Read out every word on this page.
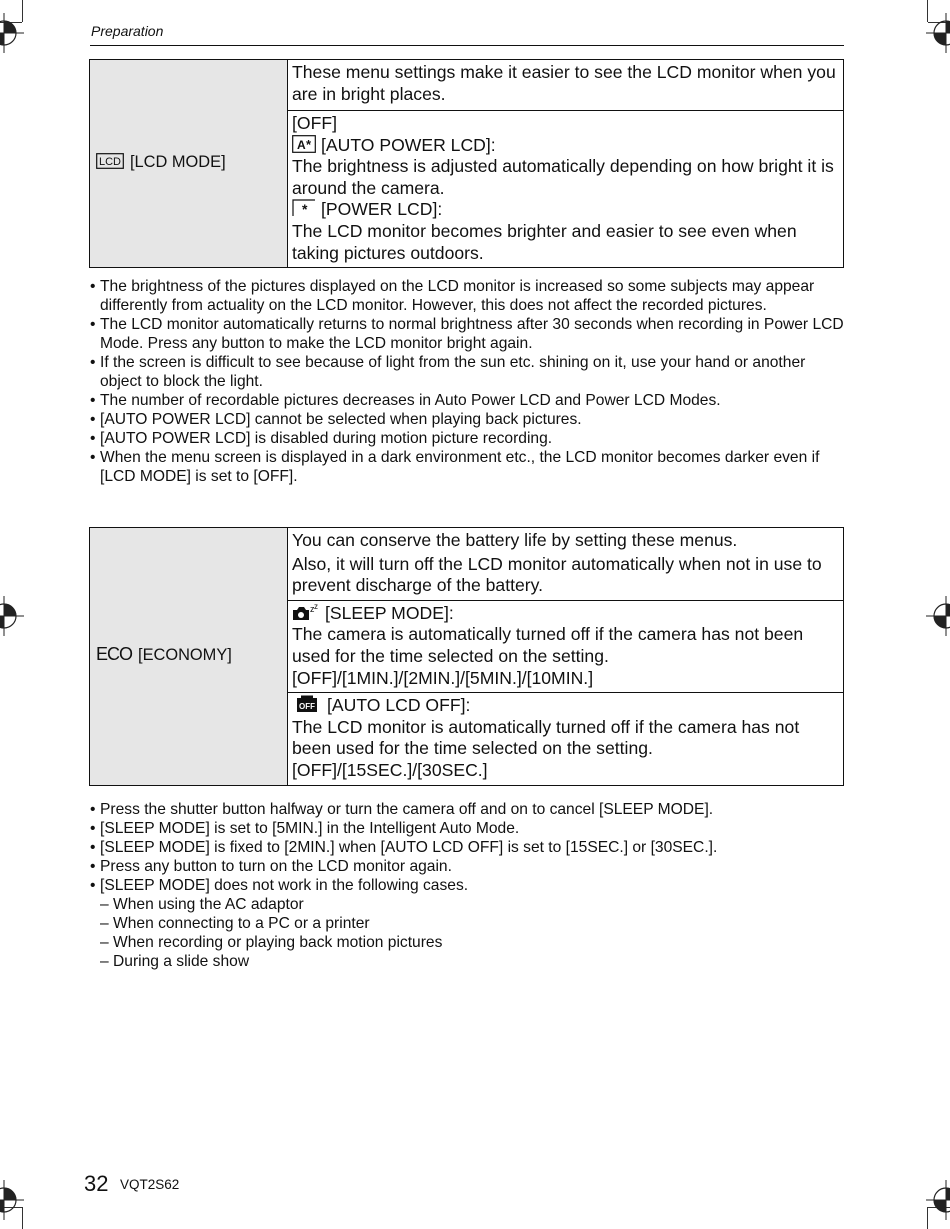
Preparation
LCD [LCD MODE]	These menu settings make it easier to see the LCD monitor when you are in bright places.

[OFF]
A * [AUTO POWER LCD]:
The brightness is adjusted automatically depending on how bright it is around the camera.
* [POWER LCD]:
The LCD monitor becomes brighter and easier to see even when taking pictures outdoors.
• The brightness of the pictures displayed on the LCD monitor is increased so some subjects may appear differently from actuality on the LCD monitor. However, this does not affect the recorded pictures.
• The LCD monitor automatically returns to normal brightness after 30 seconds when recording in Power LCD Mode. Press any button to make the LCD monitor bright again.
• If the screen is difficult to see because of light from the sun etc. shining on it, use your hand or another object to block the light.
• The number of recordable pictures decreases in Auto Power LCD and Power LCD Modes.
• [AUTO POWER LCD] cannot be selected when playing back pictures.
• [AUTO POWER LCD] is disabled during motion picture recording.
• When the menu screen is displayed in a dark environment etc., the LCD monitor becomes darker even if [LCD MODE] is set to [OFF].
ECO [ECONOMY]	
You can conserve the battery life by setting these menus.
Also, it will turn off the LCD monitor automatically when not in use to prevent discharge of the battery.

z z [SLEEP MODE]:
The camera is automatically turned off if the camera has not been used for the time selected on the setting.
[OFF]/[1MIN.]/[2MIN.]/[5MIN.]/[10MIN.]

OFF [AUTO LCD OFF]:
The LCD monitor is automatically turned off if the camera has not been used for the time selected on the setting.
[OFF]/[15SEC.]/[30SEC.]
• Press the shutter button halfway or turn the camera off and on to cancel [SLEEP MODE].
• [SLEEP MODE] is set to [5MIN.] in the Intelligent Auto Mode.
• [SLEEP MODE] is fixed to [2MIN.] when [AUTO LCD OFF] is set to [15SEC.] or [30SEC.].
• Press any button to turn on the LCD monitor again.
• [SLEEP MODE] does not work in the following cases.
– When using the AC adaptor
– When connecting to a PC or a printer
– When recording or playing back motion pictures
– During a slide show
32 VQT2S62
